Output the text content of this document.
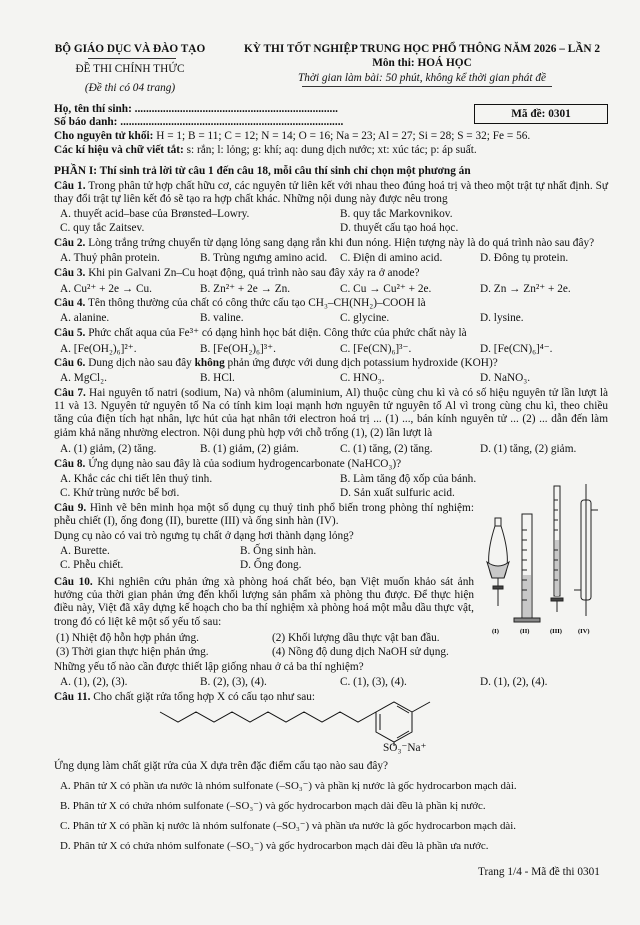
BỘ GIÁO DỤC VÀ ĐÀO TẠO
ĐỀ THI CHÍNH THỨC
(Đề thi có 04 trang)
KỲ THI TỐT NGHIỆP TRUNG HỌC PHỔ THÔNG NĂM 2026 – LẦN 2
Môn thi: HOÁ HỌC
Thời gian làm bài: 50 phút, không kể thời gian phát đề
Họ, tên thí sinh: ........................................................................
Số báo danh: ...............................................................................
Mã đề: 0301
Cho nguyên tử khối: H = 1; B = 11; C = 12; N = 14; O = 16; Na = 23; Al = 27; Si = 28; S = 32; Fe = 56.
Các kí hiệu và chữ viết tắt: s: rắn; l: lỏng; g: khí; aq: dung dịch nước; xt: xúc tác; p: áp suất.
PHẦN I: Thí sinh trả lời từ câu 1 đến câu 18, mỗi câu thí sinh chỉ chọn một phương án
Câu 1. Trong phân tử hợp chất hữu cơ, các nguyên tử liên kết với nhau theo đúng hoá trị và theo một trật tự nhất định. Sự thay đổi trật tự liên kết đó sẽ tạo ra hợp chất khác. Những nội dung này được nêu trong
A. thuyết acid–base của Brønsted–Lowry.	B. quy tắc Markovnikov.
C. quy tắc Zaitsev.	D. thuyết cấu tạo hoá học.
Câu 2. Lòng trắng trứng chuyển từ dạng lỏng sang dạng rắn khi đun nóng. Hiện tượng này là do quá trình nào sau đây?
A. Thuỷ phân protein.	B. Trùng ngưng amino acid. C. Điện di amino acid.	D. Đông tụ protein.
Câu 3. Khi pin Galvani Zn–Cu hoạt động, quá trình nào sau đây xảy ra ở anode?
A. Cu²⁺ + 2e → Cu.	B. Zn²⁺ + 2e → Zn.	C. Cu → Cu²⁺ + 2e.	D. Zn → Zn²⁺ + 2e.
Câu 4. Tên thông thường của chất có công thức cấu tạo CH₃–CH(NH₂)–COOH là
A. alanine.	B. valine.	C. glycine.	D. lysine.
Câu 5. Phức chất aqua của Fe³⁺ có dạng hình học bát diện. Công thức của phức chất này là
A. [Fe(OH₂)₆]²⁺.	B. [Fe(OH₂)₆]³⁺.	C. [Fe(CN)₆]³⁻.	D. [Fe(CN)₆]⁴⁻.
Câu 6. Dung dịch nào sau đây không phản ứng được với dung dịch potassium hydroxide (KOH)?
A. MgCl₂.	B. HCl.	C. HNO₃.	D. NaNO₃.
Câu 7. Hai nguyên tố natri (sodium, Na) và nhôm (aluminium, Al) thuộc cùng chu kì và có số hiệu nguyên tử lần lượt là 11 và 13. Nguyên tử nguyên tố Na có tính kim loại mạnh hơn nguyên tử nguyên tố Al vì trong cùng chu kì, theo chiều tăng của điện tích hạt nhân, lực hút của hạt nhân tới electron hoá trị ... (1) ..., bán kính nguyên tử ... (2) ... dẫn đến làm giảm khả năng nhường electron. Nội dung phù hợp với chỗ trống (1), (2) lần lượt là
A. (1) giảm, (2) tăng.	B. (1) giảm, (2) giảm.	C. (1) tăng, (2) tăng.	D. (1) tăng, (2) giảm.
Câu 8. Ứng dụng nào sau đây là của sodium hydrogencarbonate (NaHCO₃)?
A. Khắc các chi tiết lên thuỷ tinh.	B. Làm tăng độ xốp của bánh.
C. Khử trùng nước bể bơi.	D. Sản xuất sulfuric acid.
Câu 9. Hình vẽ bên minh họa một số dụng cụ thuỷ tinh phổ biến trong phòng thí nghiệm: phễu chiết (I), ống đong (II), burette (III) và ống sinh hàn (IV).
Dụng cụ nào có vai trò ngưng tụ chất ở dạng hơi thành dạng lỏng?
A. Burette.	B. Ống sinh hàn.
C. Phễu chiết.	D. Ống đong.
(I)	(II)	(III) (IV)
Câu 10. Khi nghiên cứu phản ứng xà phòng hoá chất béo, bạn Việt muốn khảo sát ảnh hưởng của thời gian phản ứng đến khối lượng sản phẩm xà phòng thu được. Để thực hiện điều này, Việt đã xây dựng kế hoạch cho ba thí nghiệm xà phòng hoá một mẫu dầu thực vật, trong đó có liệt kê một số yếu tố sau:
(1) Nhiệt độ hỗn hợp phản ứng.	(2) Khối lượng dầu thực vật ban đầu.
(3) Thời gian thực hiện phản ứng.	(4) Nồng độ dung dịch NaOH sử dụng.
Những yếu tố nào cần được thiết lập giống nhau ở cả ba thí nghiệm?
A. (1), (2), (3).	B. (2), (3), (4).	C. (1), (3), (4).	D. (1), (2), (4).
Câu 11. Cho chất giặt rửa tổng hợp X có cấu tạo như sau:
SO₃⁻Na⁺
Ứng dụng làm chất giặt rửa của X dựa trên đặc điểm cấu tạo nào sau đây?
A. Phân tử X có phần ưa nước là nhóm sulfonate (–SO₃⁻) và phần kị nước là gốc hydrocarbon mạch dài.
B. Phân tử X có chứa nhóm sulfonate (–SO₃⁻) và gốc hydrocarbon mạch dài đều là phần kị nước.
C. Phân tử X có phần kị nước là nhóm sulfonate (–SO₃⁻) và phần ưa nước là gốc hydrocarbon mạch dài.
D. Phân tử X có chứa nhóm sulfonate (–SO₃⁻) và gốc hydrocarbon mạch dài đều là phần ưa nước.
Trang 1/4 - Mã đề thi 0301
